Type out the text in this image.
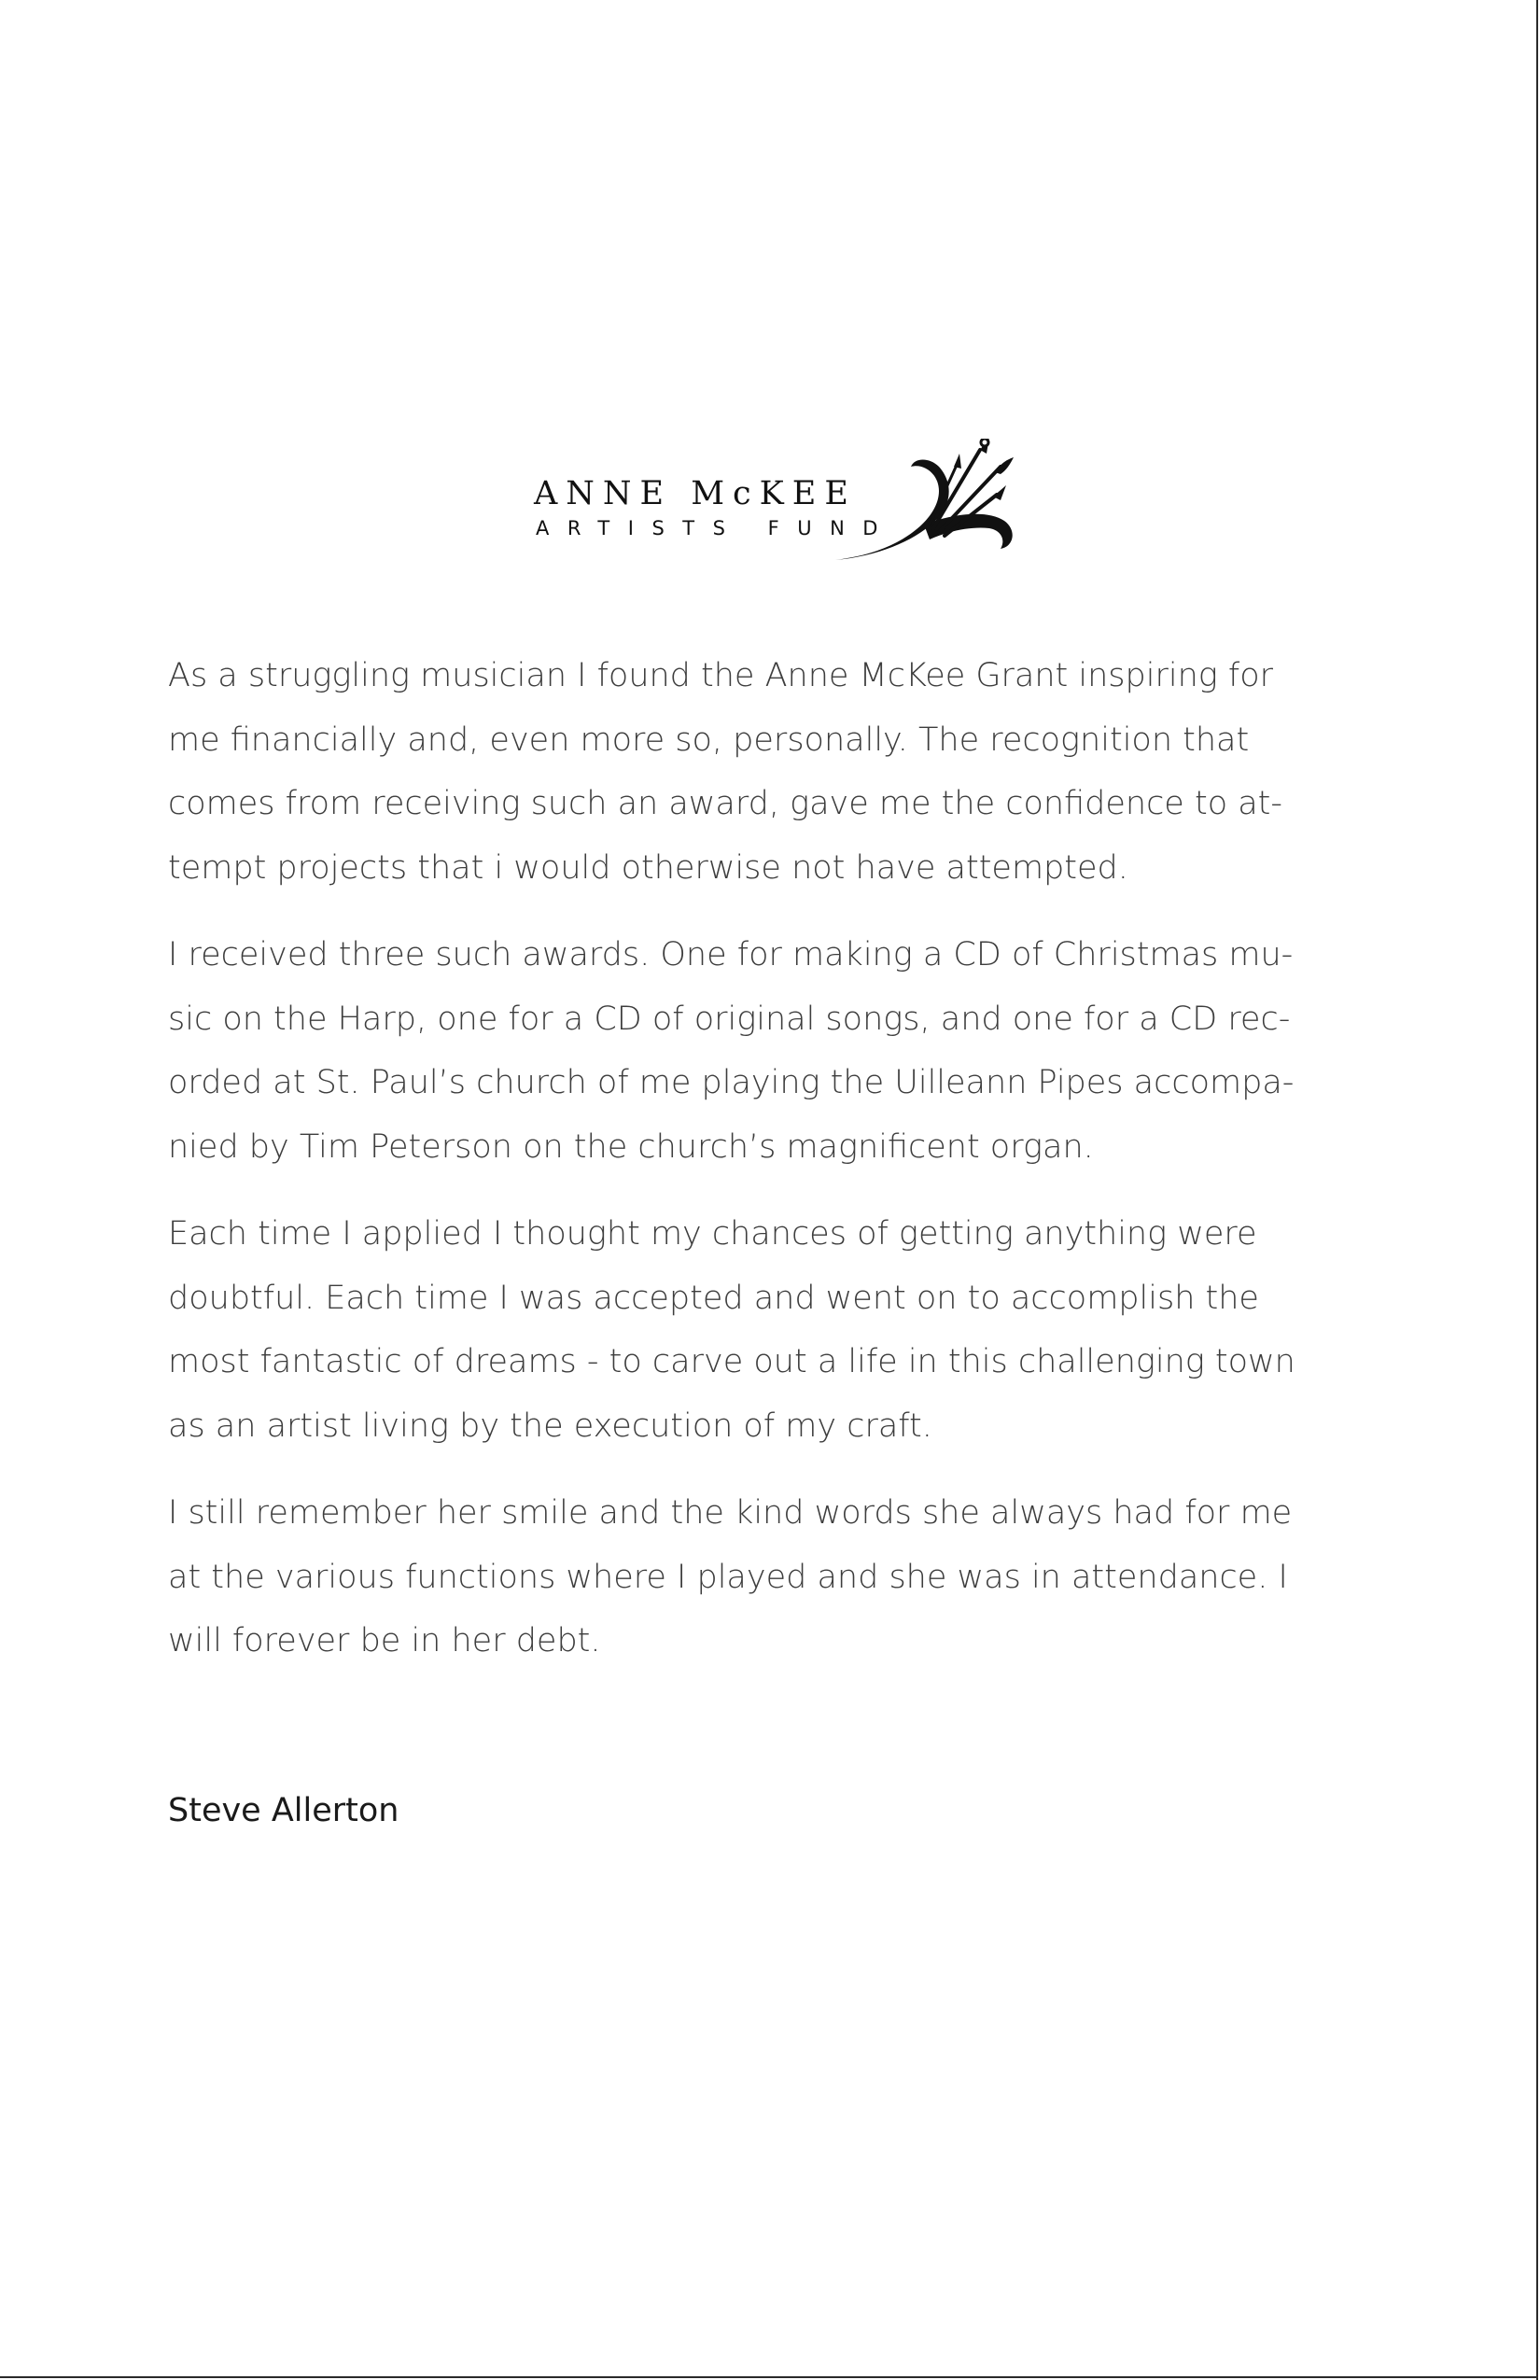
ANNE McKEE
ARTISTS FUND

As a struggling musician I found the Anne McKee Grant inspiring for
me financially and, even more so, personally. The recognition that
comes from receiving such an award, gave me the confidence to at-
tempt projects that i would otherwise not have attempted.

I received three such awards. One for making a CD of Christmas mu-
sic on the Harp, one for a CD of original songs, and one for a CD rec-
orded at St. Paul’s church of me playing the Uilleann Pipes accompa-
nied by Tim Peterson on the church’s magnificent organ.

Each time I applied I thought my chances of getting anything were
doubtful. Each time I was accepted and went on to accomplish the
most fantastic of dreams - to carve out a life in this challenging town
as an artist living by the execution of my craft.

I still remember her smile and the kind words she always had for me
at the various functions where I played and she was in attendance. I
will forever be in her debt.

Steve Allerton
